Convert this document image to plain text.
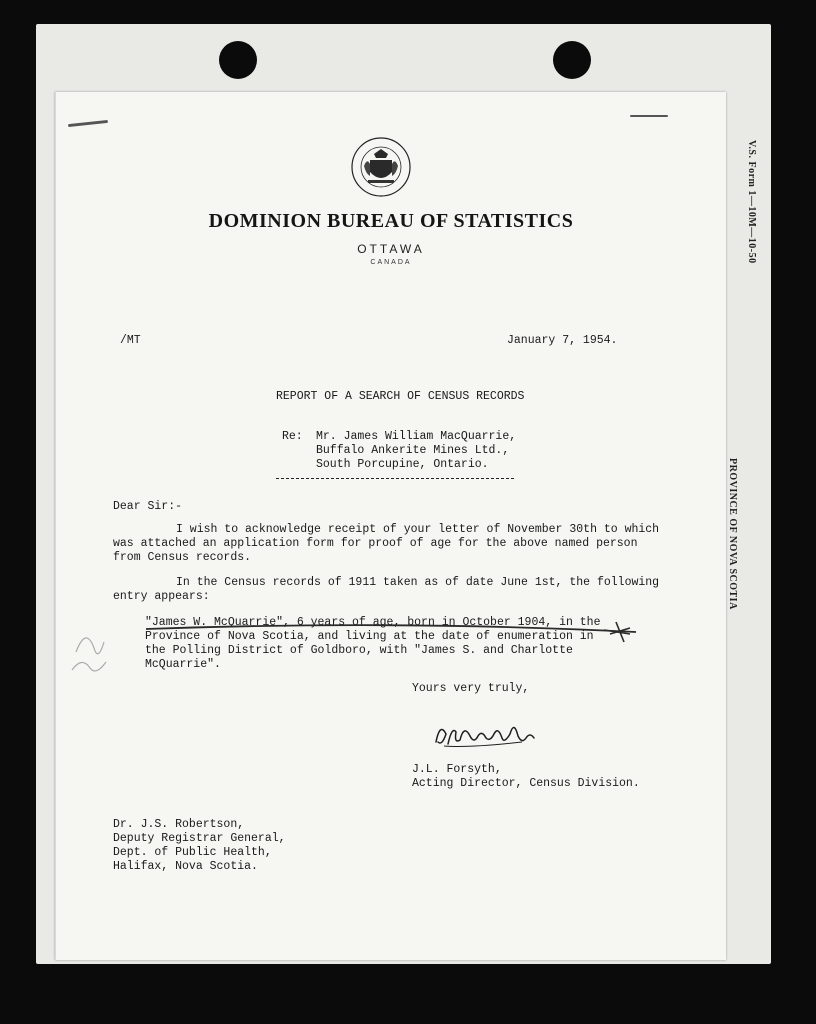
V.S. Form 1—10M—10-50
PROVINCE OF NOVA SCOTIA

DOMINION BUREAU OF STATISTICS
OTTAWA
CANADA
/MT	January 7, 1954.
REPORT OF A SEARCH OF CENSUS RECORDS
Re: Mr. James William MacQuarrie,
Buffalo Ankerite Mines Ltd.,
South Porcupine, Ontario.
Dear Sir:-
I wish to acknowledge receipt of your letter of November 30th to which
was attached an application form for proof of age for the above named person
from Census records.
In the Census records of 1911 taken as of date June 1st, the following
entry appears:
"James W. McQuarrie", 6 years of age, born in October 1904, in the
Province of Nova Scotia, and living at the date of enumeration in
the Polling District of Goldboro, with "James S. and Charlotte
McQuarrie".
Yours very truly,
J.L. Forsyth,
Acting Director, Census Division.
Dr. J.S. Robertson,
Deputy Registrar General,
Dept. of Public Health,
Halifax, Nova Scotia.
